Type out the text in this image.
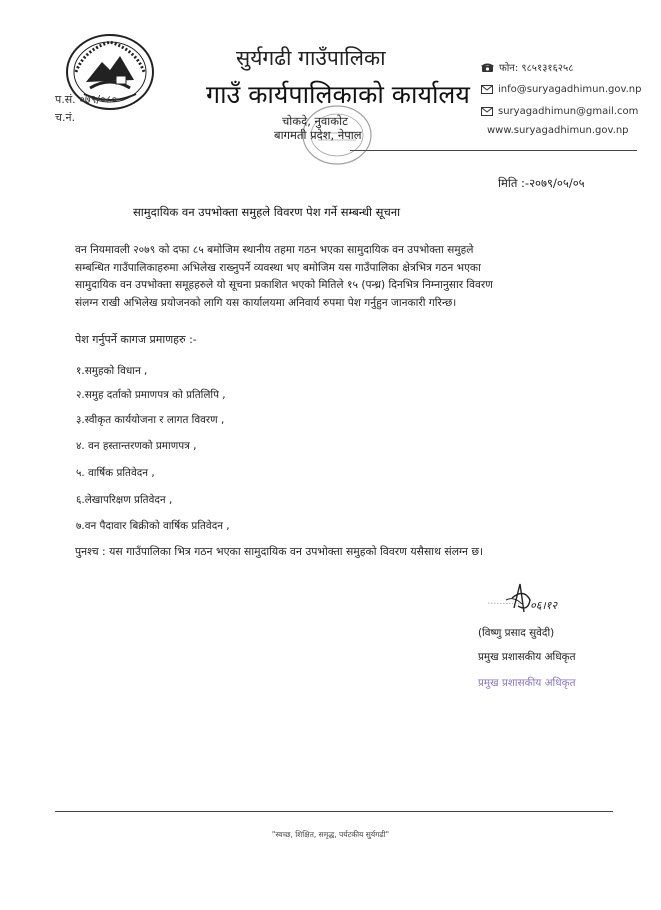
सुर्यगढी गाउँपालिका
गाउँ कार्यपालिकाको कार्यालय
चोकदे, नुवाकोट
बागमती प्रदेश, नेपाल
प.सं. ०७९/०८०
च.नं.
फोन: ९८५१३१६२५८
info@suryagadhimun.gov.np
suryagadhimun@gmail.com
www.suryagadhimun.gov.np
मिति :-२०७९/०५/०५
सामुदायिक वन उपभोक्ता समुहले विवरण पेश गर्ने सम्बन्धी सूचना
वन नियमावली २०७९ को दफा ८५ बमोजिम स्थानीय तहमा गठन भएका सामुदायिक वन उपभोक्ता समुहले
सम्बन्धित गाउँपालिकाहरुमा अभिलेख राख्नुपर्ने व्यवस्था भए बमोजिम यस गाउँपालिका क्षेत्रभित्र गठन भएका
सामुदायिक वन उपभोक्ता समूहहरुले यो सूचना प्रकाशित भएको मितिले १५ (पन्ध्र) दिनभित्र निम्नानुसार विवरण
संलग्न राखी अभिलेख प्रयोजनको लागि यस कार्यालयमा अनिवार्य रुपमा पेश गर्नुहुन जानकारी गरिन्छ।
पेश गर्नुपर्ने कागज प्रमाणहरु :-
१.समुहको विधान ,
२.समुह दर्ताको प्रमाणपत्र को प्रतिलिपि ,
३.स्वीकृत कार्ययोजना र लागत विवरण ,
४. वन हस्तान्तरणको प्रमाणपत्र ,
५. वार्षिक प्रतिवेदन ,
६.लेखापरिक्षण प्रतिवेदन ,
७.वन पैदावार बिक्रीको वार्षिक प्रतिवेदन ,
पुनश्च : यस गाउँपालिका भित्र गठन भएका सामुदायिक वन उपभोक्ता समुहको विवरण यसैसाथ संलग्न छ।
०६।१२
(विष्णु प्रसाद सुवेदी)
प्रमुख प्रशासकीय अधिकृत
प्रमुख प्रशासकीय अधिकृत
"स्वच्छ, शिक्षित, समृद्ध, पर्यटकीय सुर्यगढी"
